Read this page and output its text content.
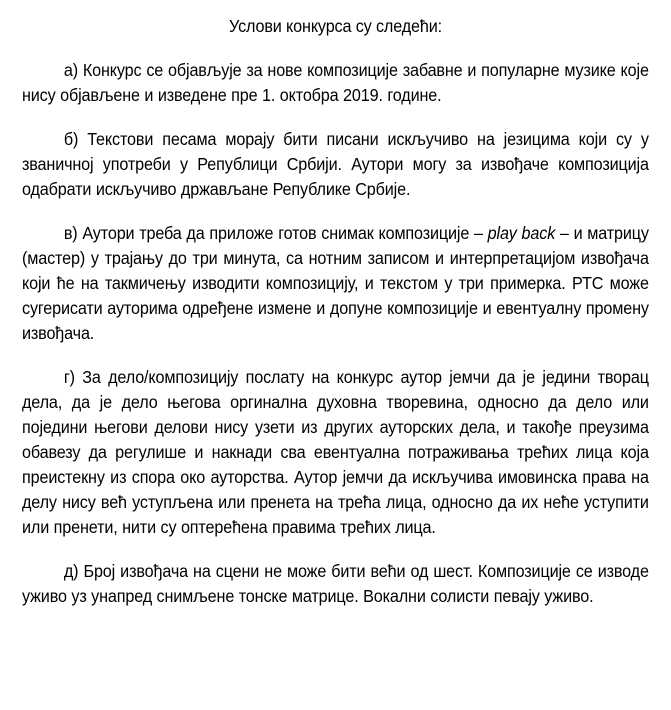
Услови конкурса су следећи:

а) Конкурс се објављује за нове композиције забавне и популарне музике које нису објављене и изведене пре 1. октобра 2019. године.

б) Текстови песама морају бити писани искључиво на језицима који су у званичној употреби у Републици Србији. Аутори могу за извођаче композиција одабрати искључиво држављане Републике Србије.

в) Аутори треба да приложе готов снимак композиције – play back – и матрицу (мастер) у трајању до три минута, са нотним записом и интерпретацијом извођача који ће на такмичењу изводити композицију, и текстом у три примерка. РТС може сугерисати ауторима одређене измене и допуне композиције и евентуалну промену извођача.

г) За дело/композицију послату на конкурс аутор јемчи да је једини творац дела, да је дело његова оргинална духовна творевина, односно да дело или поједини његови делови нису узети из других ауторских дела, и такође преузима обавезу да регулише и накнади сва евентуална потраживања трећих лица која преистекну из спора око ауторства. Аутор јемчи да искључива имовинска права на делу нису већ уступљена или пренета на трећа лица, односно да их неће уступити или пренети, нити су оптерећена правима трећих лица.

д) Број извођача на сцени не може бити већи од шест. Композиције се изводе уживо уз унапред снимљене тонске матрице. Вокални солисти певају уживо.
